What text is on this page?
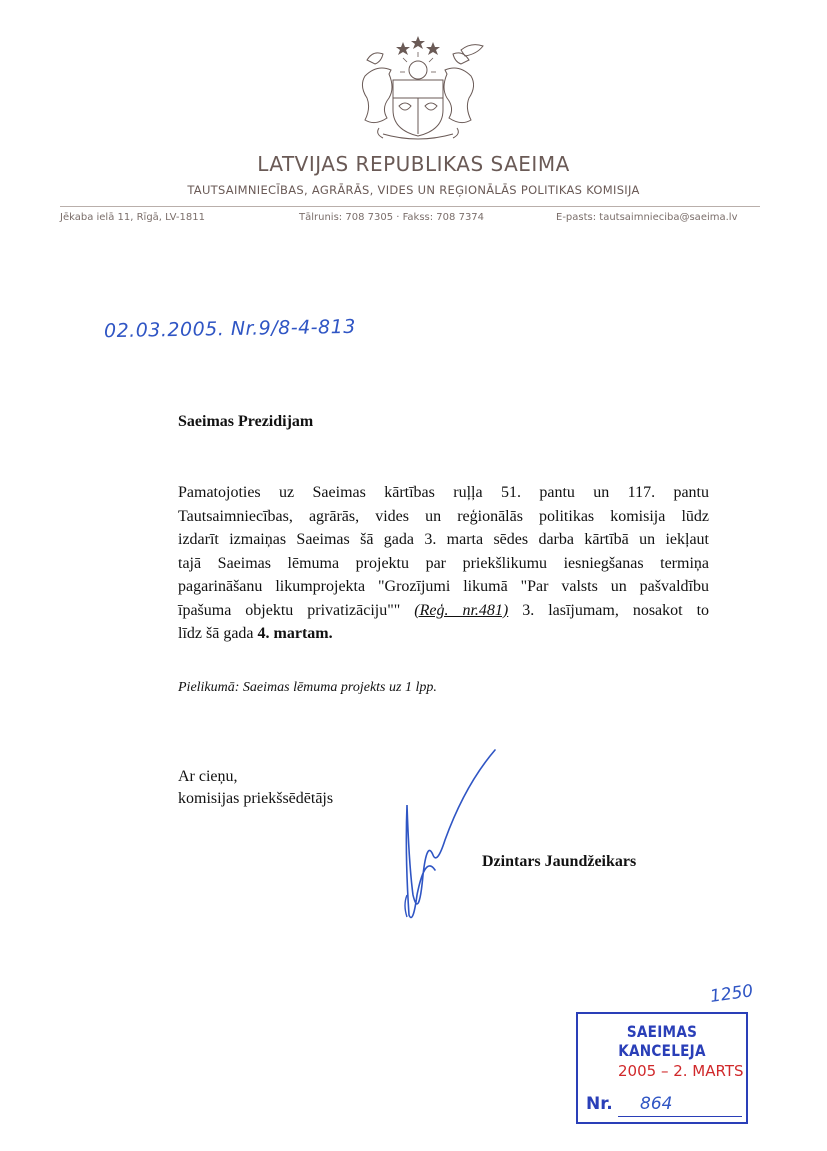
LATVIJAS REPUBLIKAS SAEIMA
TAUTSAIMNIECĪBAS, AGRĀRĀS, VIDES UN REĢIONĀLĀS POLITIKAS KOMISIJA
Jēkaba ielā 11, Rīgā, LV-1811	Tālrunis: 708 7305 · Fakss: 708 7374	E-pasts: tautsaimnieciba@saeima.lv
02.03.2005. Nr.9/8-4-813
Saeimas Prezidijam
Pamatojoties uz Saeimas kārtības ruļļa 51. pantu un 117. pantu
Tautsaimniecības, agrārās, vides un reģionālās politikas komisija lūdz
izdarīt izmaiņas Saeimas šā gada 3. marta sēdes darba kārtībā un iekļaut
tajā Saeimas lēmuma projektu par priekšlikumu iesniegšanas termiņa
pagarināšanu likumprojekta "Grozījumi likumā "Par valsts un pašvaldību
īpašuma objektu privatizāciju"" (Reģ. nr.481) 3. lasījumam, nosakot to
līdz šā gada 4. martam.
Pielikumā: Saeimas lēmuma projekts uz 1 lpp.
Ar cieņu,
komisijas priekšsēdētājs
Dzintars Jaundžeikars
1250
SAEIMAS KANCELEJA
2005 – 2. MARTS
Nr. 864
